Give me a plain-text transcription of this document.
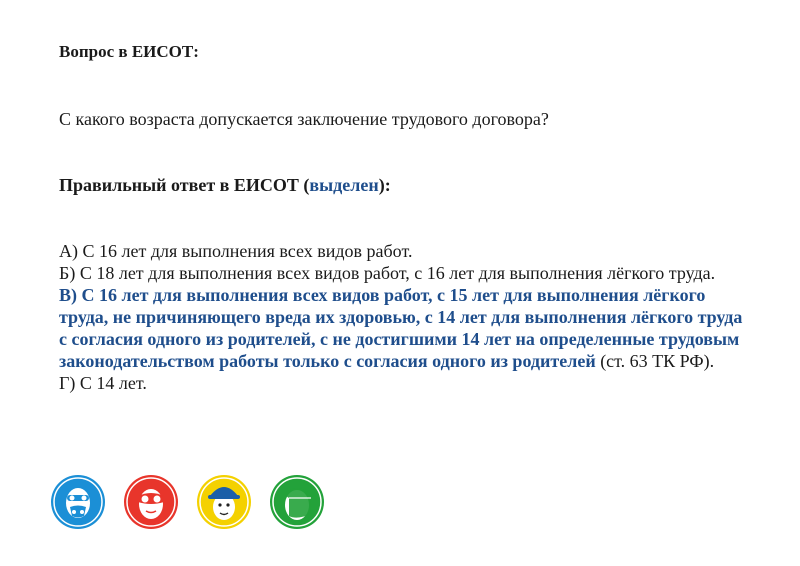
Вопрос в ЕИСОТ:
С какого возраста допускается заключение трудового договора?
Правильный ответ в ЕИСОТ (выделен):

А) С 16 лет для выполнения всех видов работ.

Б) С 18 лет для выполнения всех видов работ, с 16 лет для выполнения лёгкого труда.

В) С 16 лет для выполнения всех видов работ, с 15 лет для выполнения лёгкого труда, не причиняющего вреда их здоровью, с 14 лет для выполнения лёгкого труда с согласия одного из родителей, с не достигшими 14 лет на определенные трудовым законодательством работы только с согласия одного из родителей (ст. 63 ТК РФ).

Г) С 14 лет.
